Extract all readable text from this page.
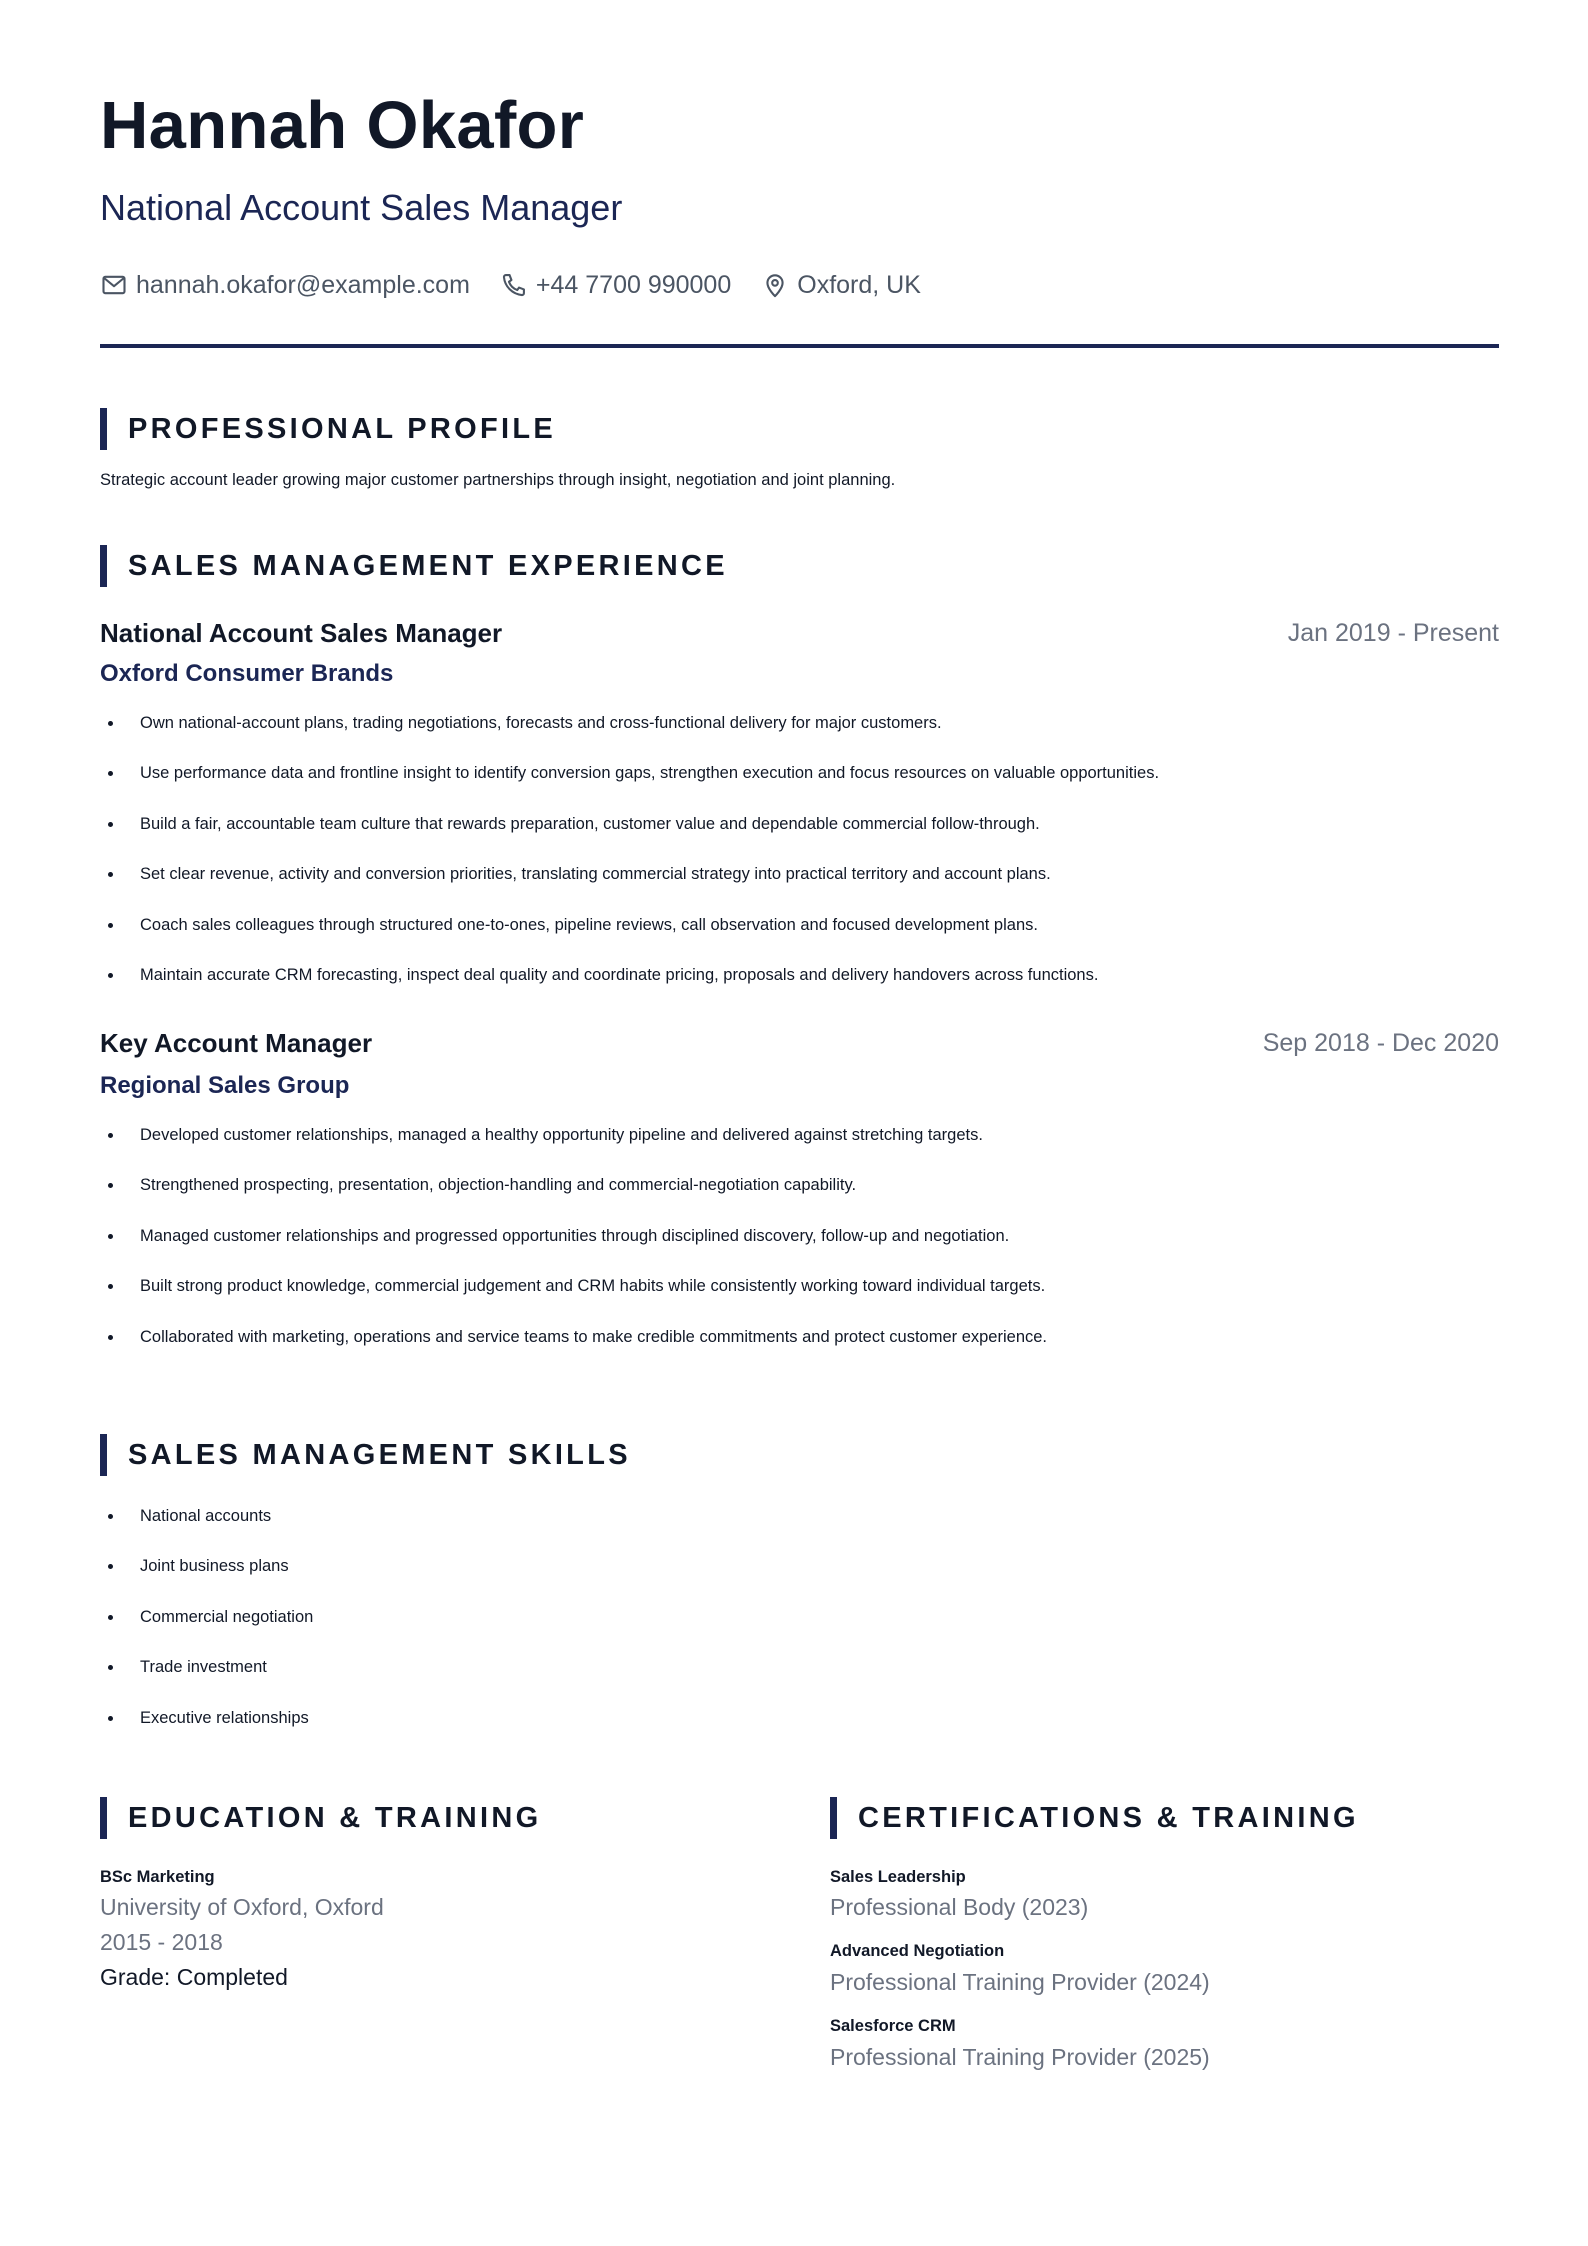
Hannah Okafor
National Account Sales Manager
hannah.okafor@example.com	+44 7700 990000	Oxford, UK
PROFESSIONAL PROFILE
Strategic account leader growing major customer partnerships through insight, negotiation and joint planning.
SALES MANAGEMENT EXPERIENCE
National Account Sales Manager	Jan 2019 - Present
Oxford Consumer Brands
Own national-account plans, trading negotiations, forecasts and cross-functional delivery for major customers.
Use performance data and frontline insight to identify conversion gaps, strengthen execution and focus resources on valuable opportunities.
Build a fair, accountable team culture that rewards preparation, customer value and dependable commercial follow-through.
Set clear revenue, activity and conversion priorities, translating commercial strategy into practical territory and account plans.
Coach sales colleagues through structured one-to-ones, pipeline reviews, call observation and focused development plans.
Maintain accurate CRM forecasting, inspect deal quality and coordinate pricing, proposals and delivery handovers across functions.
Key Account Manager	Sep 2018 - Dec 2020
Regional Sales Group
Developed customer relationships, managed a healthy opportunity pipeline and delivered against stretching targets.
Strengthened prospecting, presentation, objection-handling and commercial-negotiation capability.
Managed customer relationships and progressed opportunities through disciplined discovery, follow-up and negotiation.
Built strong product knowledge, commercial judgement and CRM habits while consistently working toward individual targets.
Collaborated with marketing, operations and service teams to make credible commitments and protect customer experience.
SALES MANAGEMENT SKILLS
National accounts
Joint business plans
Commercial negotiation
Trade investment
Executive relationships
EDUCATION & TRAINING
BSc Marketing
University of Oxford, Oxford
2015 - 2018
Grade: Completed
CERTIFICATIONS & TRAINING
Sales Leadership
Professional Body (2023)
Advanced Negotiation
Professional Training Provider (2024)
Salesforce CRM
Professional Training Provider (2025)
